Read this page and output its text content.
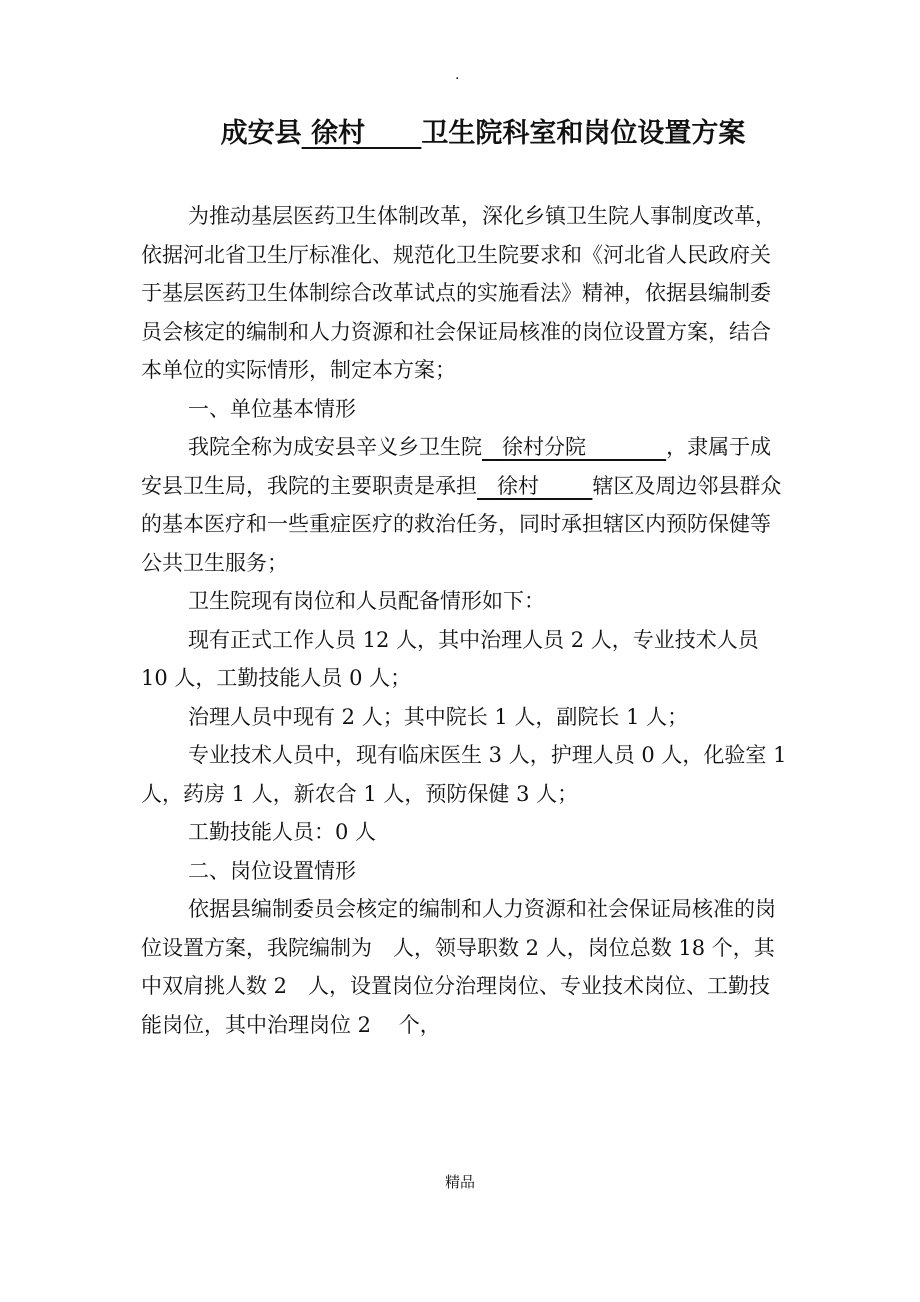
.
成安县 徐村 卫生院科室和岗位设置方案

为推动基层医药卫生体制改革，深化乡镇卫生院人事制度改革，依据河北省卫生厅标准化、规范化卫生院要求和《河北省人民政府关于基层医药卫生体制综合改革试点的实施看法》精神，依据县编制委员会核定的编制和人力资源和社会保证局核准的岗位设置方案，结合本单位的实际情形，制定本方案；

一、单位基本情形

我院全称为成安县辛义乡卫生院 徐村分院	，隶属于成安县卫生局，我院的主要职责是承担 徐村	辖区及周边邻县群众的基本医疗和一些重症医疗的救治任务，同时承担辖区内预防保健等公共卫生服务；

卫生院现有岗位和人员配备情形如下：

现有正式工作人员 12 人，其中治理人员 2 人，专业技术人员 10 人，工勤技能人员 0 人；

治理人员中现有 2 人；其中院长 1 人，副院长 1 人；

专业技术人员中，现有临床医生 3 人，护理人员 0 人，化验室 1 人，药房 1 人，新农合 1 人，预防保健 3 人；

工勤技能人员：0 人

二、岗位设置情形

依据县编制委员会核定的编制和人力资源和社会保证局核准的岗位设置方案，我院编制为　人，领导职数 2 人，岗位总数 18 个，其中双肩挑人数 2　人，设置岗位分治理岗位、专业技术岗位、工勤技能岗位，其中治理岗位 2　 个，

精品
